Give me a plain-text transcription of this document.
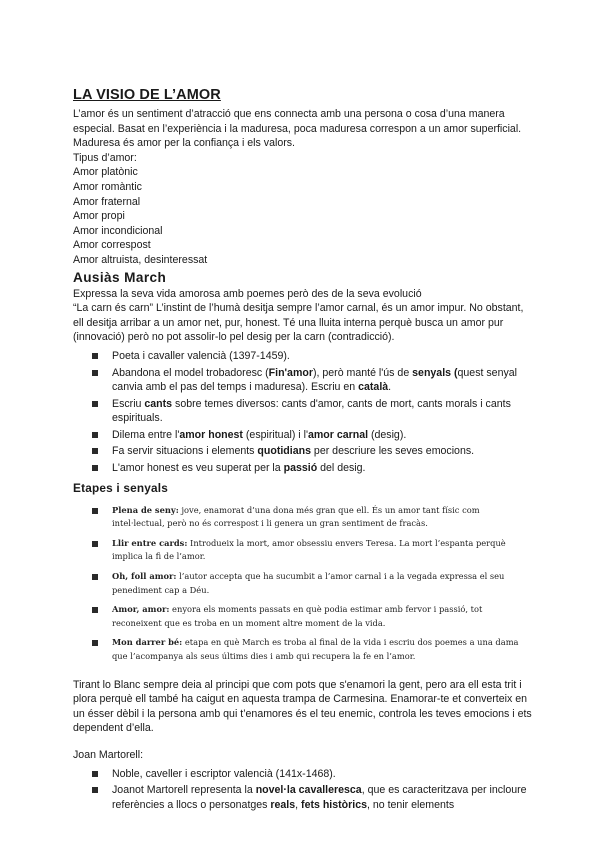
LA VISIO DE L’AMOR

L’amor és un sentiment d’atracció que ens connecta amb una persona o cosa d’una manera especial. Basat en l’experiència i la maduresa, poca maduresa correspon a un amor superficial. Maduresa és amor per la confiança i els valors.

Tipus d’amor:

Amor platònic
Amor romàntic
Amor fraternal
Amor propi
Amor incondicional
Amor correspost
Amor altruista, desinteressat
Ausiàs March

Expressa la seva vida amorosa amb poemes però des de la seva evolució

“La carn és carn” L’instint de l’humà desitja sempre l’amor carnal, és un amor impur. No obstant, ell desitja arribar a un amor net, pur, honest. Té una lluita interna perquè busca un amor pur (innovació) però no pot assolir-lo pel desig per la carn (contradicció).

Poeta i cavaller valencià (1397-1459).
Abandona el model trobadoresc (Fin'amor), però manté l'ús de senyals (quest senyal canvia amb el pas del temps i maduresa). Escriu en català.
Escriu cants sobre temes diversos: cants d'amor, cants de mort, cants morals i cants espirituals.
Dilema entre l'amor honest (espiritual) i l'amor carnal (desig).
Fa servir situacions i elements quotidians per descriure les seves emocions.
L'amor honest es veu superat per la passió del desig.
Etapes i senyals
Plena de seny: jove, enamorat d’una dona més gran que ell. És un amor tant físic com intel·lectual, però no és correspost i li genera un gran sentiment de fracàs.
Llir entre cards: Introdueix la mort, amor obsessiu envers Teresa. La mort l’espanta perquè implica la fi de l’amor.
Oh, foll amor: l’autor accepta que ha sucumbit a l’amor carnal i a la vegada expressa el seu penediment cap a Déu.
Amor, amor: enyora els moments passats en què podia estimar amb fervor i passió, tot reconeixent que es troba en un moment altre moment de la vida.
Mon darrer bé: etapa en què March es troba al final de la vida i escriu dos poemes a una dama que l’acompanya als seus últims dies i amb qui recupera la fe en l’amor.

Tirant lo Blanc sempre deia al principi que com pots que s'enamori la gent, pero ara ell esta trit i plora perquè ell també ha caigut en aquesta trampa de Carmesina. Enamorar-te et converteix en un ésser dèbil i la persona amb qui t’enamores és el teu enemic, controla les teves emocions i ets dependent d’ella.

Joan Martorell:

Noble, caveller i escriptor valencià (141x-1468).
Joanot Martorell representa la novel·la cavalleresca, que es caracteritzava per incloure referències a llocs o personatges reals, fets històrics, no tenir elements
